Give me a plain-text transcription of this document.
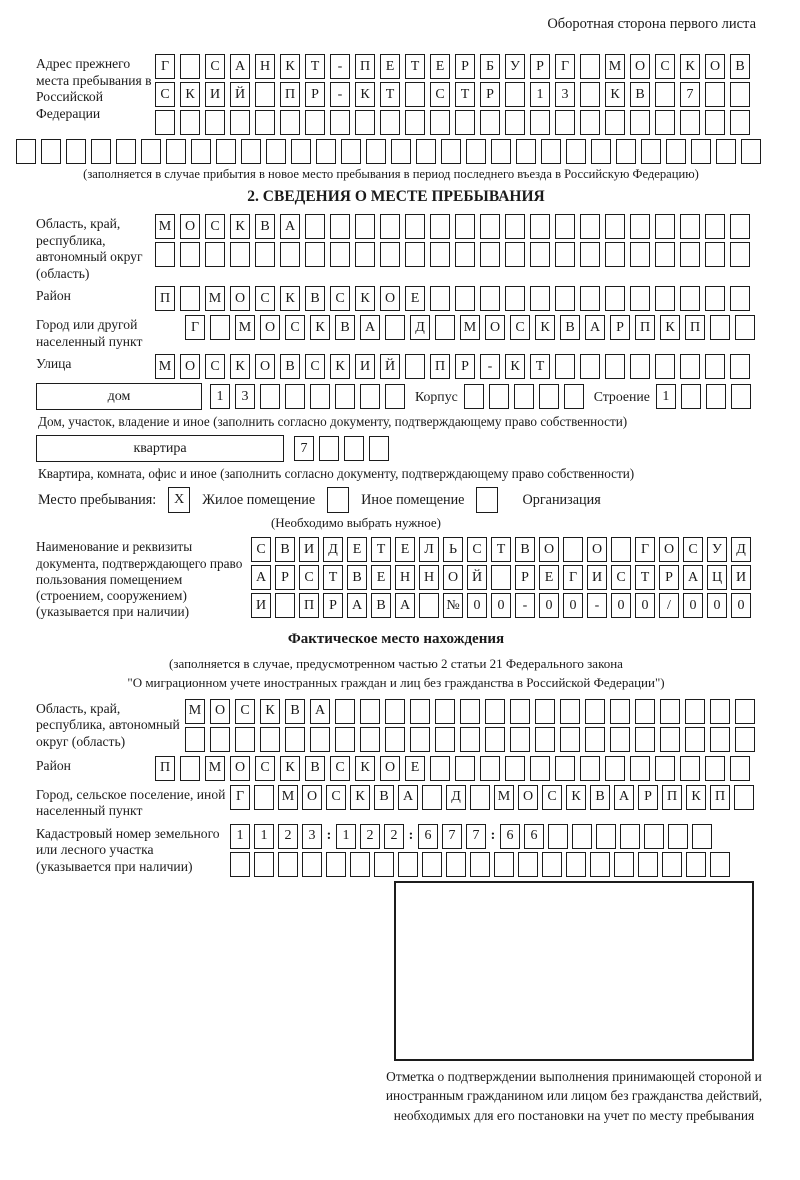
Оборотная сторона первого листа
Адрес прежнего места пребывания в Российской Федерации
Г	С	А	Н	К	Т	-	П	Е	Т	Е	Р	Б	У	Р	Г	М О	С	К	О	В
С	К	И	Й	П	Р	-	К	Т	С	Т	Р	1	3	К	В	7
(заполняется в случае прибытия в новое место пребывания в период последнего въезда в Российскую Федерацию)
2. СВЕДЕНИЯ О МЕСТЕ ПРЕБЫВАНИЯ
Область, край, республика, автономный округ (область)
М О	С	К	В	А
Район	П	М О	С	К	В	С	К	О	Е
Город или другой населенный пункт
Г	М О	С	К	В	А	Д	М О	С	К	В	А	Р	П	К	П
Улица	М О	С	К	О	В	С	К	И	Й	П	Р	-	К	Т
дом	1	3	Корпус	Строение 1
Дом, участок, владение и иное (заполнить согласно документу, подтверждающему право собственности)
квартира	7
Квартира, комната, офис и иное (заполнить согласно документу, подтверждающему право собственности)
Место пребывания:	X	Жилое помещение	Иное помещение	Организация
(Необходимо выбрать нужное)
Наименование и реквизиты документа, подтверждающего право пользования помещением (строением, сооружением) (указывается при наличии)
С	В	И	Д	Е	Т	Е	Л	Ь	С	Т	В	О	О	Г	О	С	У	Д
А	Р	С	Т	В	Е	Н Н О Й	Р	Е	Г	И	С	Т	Р	А Ц И
И	П	Р	А	В	А	№ 0	0	-	0	0	-	0	0	/	0	0	0
Фактическое место нахождения
(заполняется в случае, предусмотренном частью 2 статьи 21 Федерального закона
"О миграционном учете иностранных граждан и лиц без гражданства в Российской Федерации")
Область, край, республика, автономный округ (область)
М О	С	К	В	А
Район	П	М О	С	К	В	С	К	О	Е
Город, сельское поселение, иной населенный пункт
Г	М О	С	К	В	А	Д	М О	С	К	В	А	Р	П	К	П
Кадастровый номер земельного или лесного участка (указывается при наличии)
1	1	2	3 : 1	2	2 : 6	7	7 : 6	6
Отметка о подтверждении выполнения принимающей стороной и иностранным гражданином или лицом без гражданства действий, необходимых для его постановки на учет по месту пребывания
